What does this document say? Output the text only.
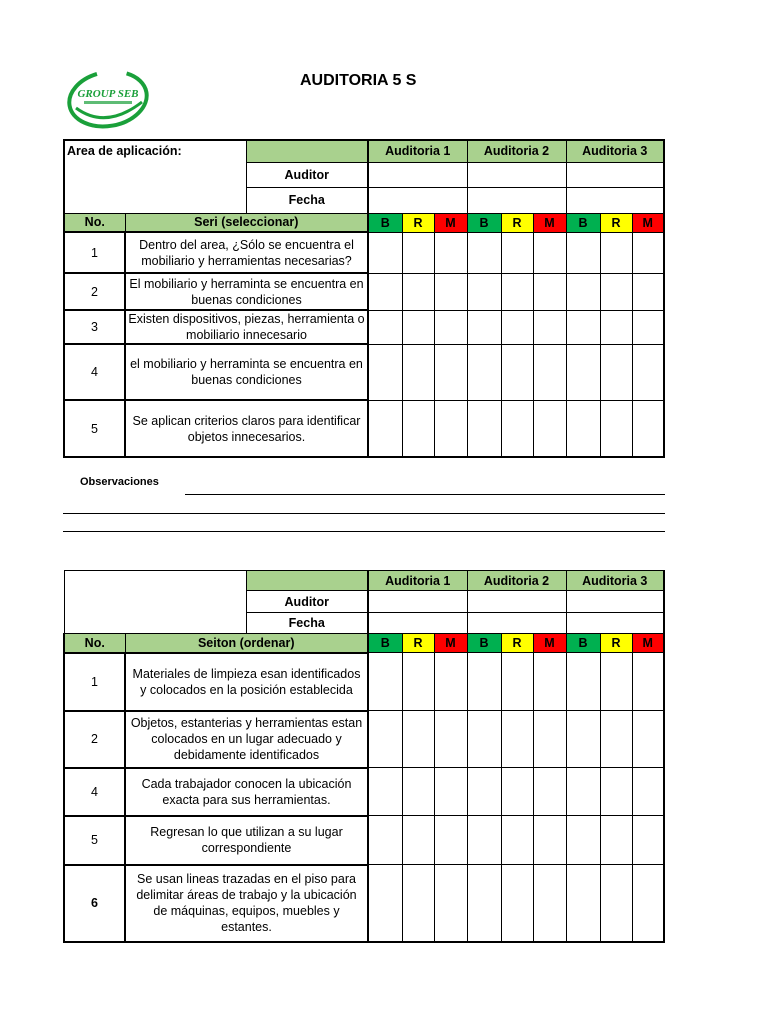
GROUP SEB
AUDITORIA 5 S
Area de aplicación:			Auditoria 1			Auditoria 2			Auditoria 3		
		Auditor									
		Fecha									
No.	Seri (seleccionar)		B	R	M	B	R	M	B	R	M
1	Dentro del area, ¿Sólo se encuentra el mobiliario y herramientas necesarias?										
2	El mobiliario y herraminta se encuentra en buenas condiciones										
3	Existen dispositivos, piezas, herramienta o mobiliario innecesario										
4	el mobiliario y herraminta se encuentra en buenas condiciones										
5	Se aplican criterios claros para identificar objetos innecesarios.										
Observaciones
			Auditoria 1			Auditoria 2			Auditoria 3		
		Auditor									
		Fecha									
No.	Seiton (ordenar)		B	R	M	B	R	M	B	R	M
1	Materiales de limpieza esan identificados y colocados en la posición establecida										
2	Objetos, estanterias y herramientas estan colocados en un lugar adecuado y debidamente identificados										
4	Cada trabajador conocen la ubicación exacta para sus herramientas.										
5	Regresan lo que utilizan a su lugar correspondiente										
6	Se usan lineas trazadas en el piso para delimitar áreas de trabajo y la ubicación de máquinas, equipos, muebles y estantes.										
